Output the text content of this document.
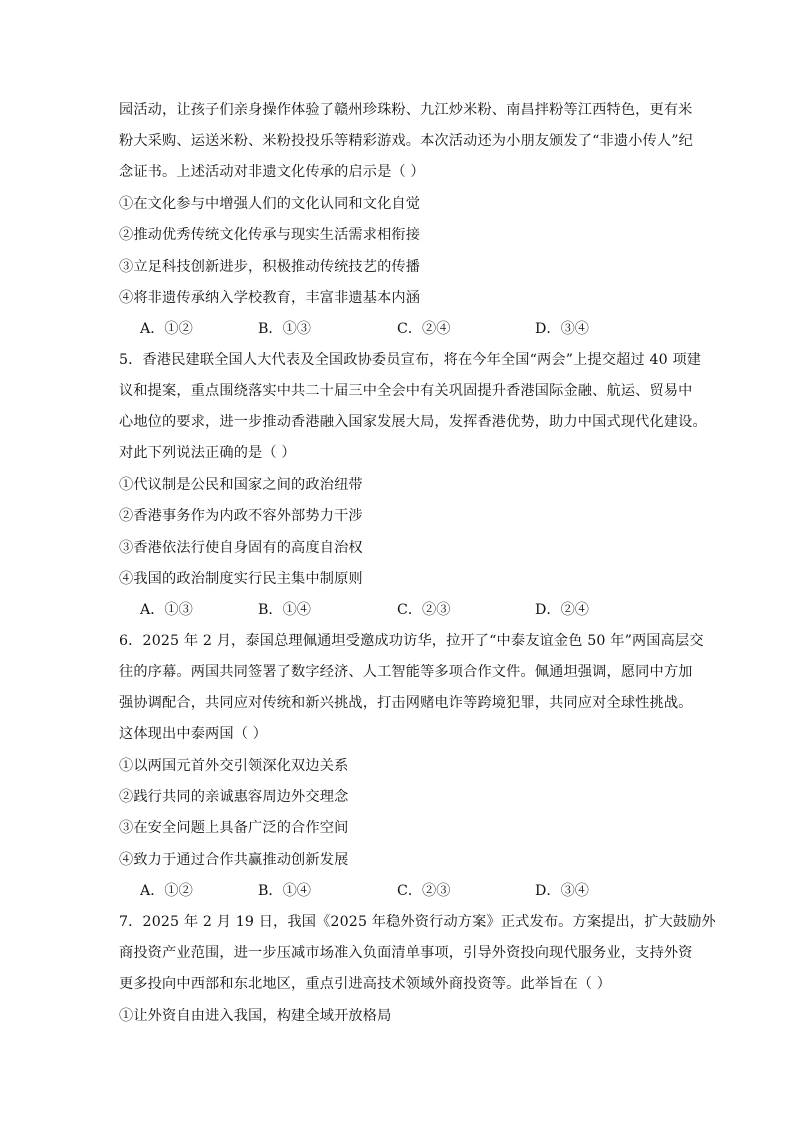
园活动，让孩子们亲身操作体验了赣州珍珠粉、九江炒米粉、南昌拌粉等江西特色，更有米
粉大采购、运送米粉、米粉投投乐等精彩游戏。本次活动还为小朋友颁发了“非遗小传人”纪
念证书。上述活动对非遗文化传承的启示是（ ）
①在文化参与中增强人们的文化认同和文化自觉
②推动优秀传统文化传承与现实生活需求相衔接
③立足科技创新进步，积极推动传统技艺的传播
④将非遗传承纳入学校教育，丰富非遗基本内涵
A．①②	B．①③	C．②④	D．③④
5．香港民建联全国人大代表及全国政协委员宣布，将在今年全国“两会”上提交超过 40 项建
议和提案，重点围绕落实中共二十届三中全会中有关巩固提升香港国际金融、航运、贸易中
心地位的要求，进一步推动香港融入国家发展大局，发挥香港优势，助力中国式现代化建设。
对此下列说法正确的是（ ）
①代议制是公民和国家之间的政治纽带
②香港事务作为内政不容外部势力干涉
③香港依法行使自身固有的高度自治权
④我国的政治制度实行民主集中制原则
A．①③	B．①④	C．②③	D．②④
6．2025 年 2 月，泰国总理佩通坦受邀成功访华，拉开了“中泰友谊金色 50 年”两国高层交
往的序幕。两国共同签署了数字经济、人工智能等多项合作文件。佩通坦强调，愿同中方加
强协调配合，共同应对传统和新兴挑战，打击网赌电诈等跨境犯罪，共同应对全球性挑战。
这体现出中泰两国（ ）
①以两国元首外交引领深化双边关系
②践行共同的亲诚惠容周边外交理念
③在安全问题上具备广泛的合作空间
④致力于通过合作共赢推动创新发展
A．①②	B．①④	C．②③	D．③④
7．2025 年 2 月 19 日，我国《2025 年稳外资行动方案》正式发布。方案提出，扩大鼓励外
商投资产业范围，进一步压减市场准入负面清单事项，引导外资投向现代服务业，支持外资
更多投向中西部和东北地区，重点引进高技术领域外商投资等。此举旨在（ ）
①让外资自由进入我国，构建全域开放格局
